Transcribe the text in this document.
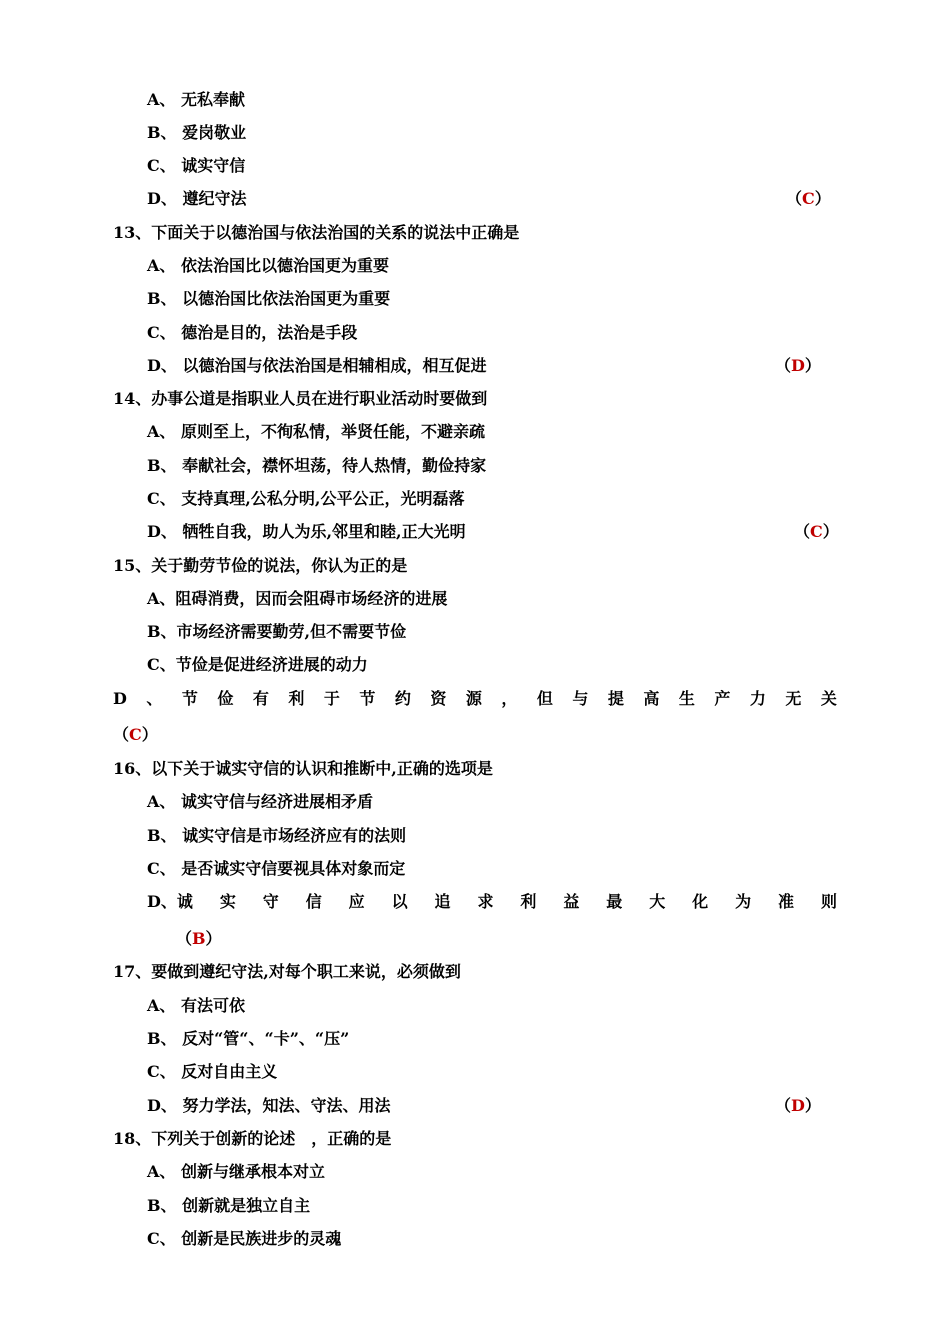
A、 无私奉献
B、 爱岗敬业
C、 诚实守信
D、 遵纪守法	（C）
13、下面关于以德治国与依法治国的关系的说法中正确是
A、 依法治国比以德治国更为重要
B、 以德治国比依法治国更为重要
C、 德治是目的，法治是手段
D、 以德治国与依法治国是相辅相成，相互促进	（D）
14、办事公道是指职业人员在进行职业活动时要做到
A、 原则至上，不徇私情，举贤任能，不避亲疏
B、 奉献社会，襟怀坦荡，待人热情，勤俭持家
C、 支持真理,公私分明,公平公正，光明磊落
D、 牺牲自我，助人为乐,邻里和睦,正大光明	（C）
15、关于勤劳节俭的说法，你认为正的是
A、阻碍消费，因而会阻碍市场经济的进展
B、市场经济需要勤劳,但不需要节俭
C、节俭是促进经济进展的动力
D 、 节 俭 有 利 于 节 约 资 源 ， 但 与 提 高 生 产 力 无 关
（C）
16、以下关于诚实守信的认识和推断中,正确的选项是
A、 诚实守信与经济进展相矛盾
B、 诚实守信是市场经济应有的法则
C、 是否诚实守信要视具体对象而定
D、诚 实 守 信 应 以 追 求 利 益 最 大 化 为 准 则
（B）
17、要做到遵纪守法,对每个职工来说，必须做到
A、 有法可依
B、 反对“管“、“卡”、“压”
C、 反对自由主义
D、 努力学法，知法、守法、用法	（D）
18、下列关于创新的论述　，正确的是
A、 创新与继承根本对立
B、 创新就是独立自主
C、 创新是民族进步的灵魂
